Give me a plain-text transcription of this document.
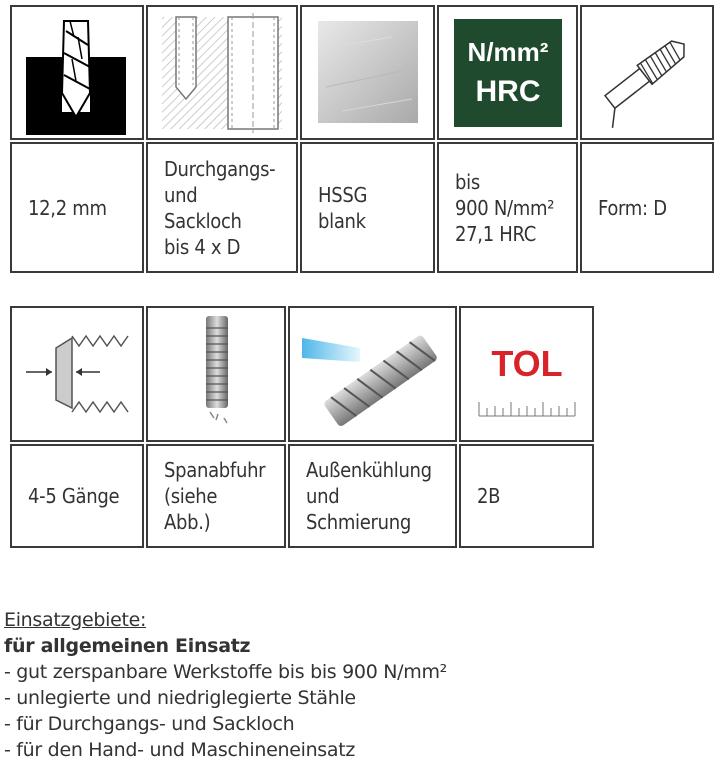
N/mm²
HRC
12,2 mm
Durchgangs-
und
Sackloch
bis 4 x D
HSSG
blank
bis
900 N/mm²
27,1 HRC
Form: D
TOL
4-5 Gänge
Spanabfuhr
(siehe
Abb.)
Außenkühlung
und
Schmierung
2B
Einsatzgebiete:
für allgemeinen Einsatz
- gut zerspanbare Werkstoffe bis bis 900 N/mm²
- unlegierte und niedriglegierte Stähle
- für Durchgangs- und Sackloch
- für den Hand- und Maschineneinsatz
